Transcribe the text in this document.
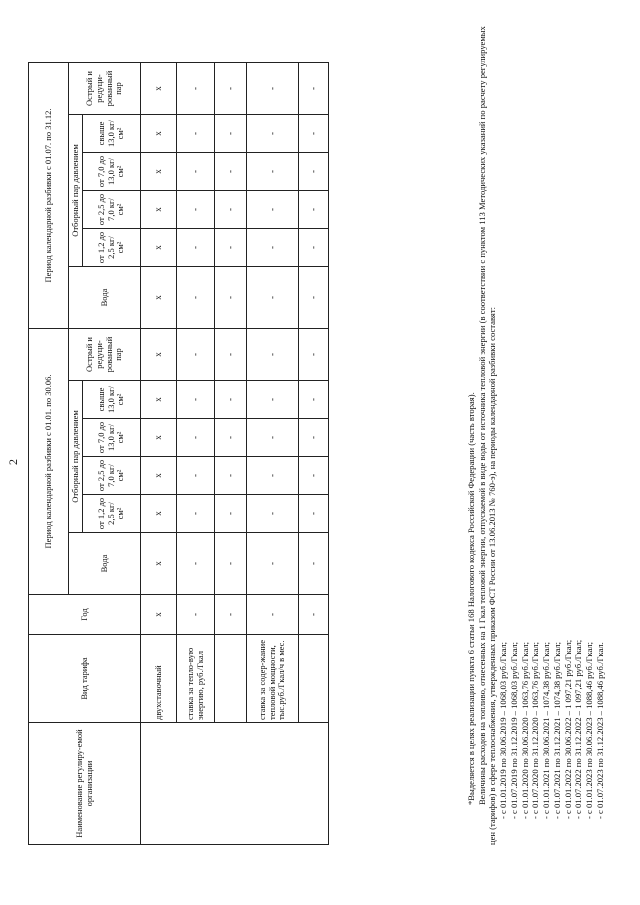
2
Наименование регулиру-емой организации	Вид тарифа	Год	Период календарной разбивки с 01.01. по 30.06.						Период календарной разбивки с 01.07. по 31.12.					
			Вода	Отборный пар давлением				Острый и редуци-рованный пар	Вода	Отборный пар давлением				Острый и редуци-рованный пар
				от 1,2 до 2,5 кг/см²	от 2,5 до 7,0 кг/см²	от 7,0 до 13,0 кг/см²	свыше 13,0 кг/см²			от 1,2 до 2,5 кг/см²	от 2,5 до 7,0 кг/см²	от 7,0 до 13,0 кг/см²	свыше 13,0 кг/см²	
	двухставочный	x	x	x	x	x	x	x	x	x	x	x	x	x
	ставка за тепло-вую энергию, руб./Гкал	-	-	-	-	-	-	-	-	-	-	-	-	-
		-	-	-	-	-	-	-	-	-	-	-	-	-
	ставка за содер-жание тепловой мощности, тыс.руб./Гкал/ч в мес.	-	-	-	-	-	-	-	-	-	-	-	-	-
		-	-	-	-	-	-	-	-	-	-	-	-	-
*Выделяется в целях реализации пункта 6 статьи 168 Налогового кодекса Российской Федерации (часть вторая). Величины расходов на топливо, отнесенных на 1 Гкал тепловой энергии, отпускаемой в виде воды от источника тепловой энергии (в соответствии с пунктом 113 Методических указаний по расчету регулируемых цен (тарифов) в сфере теплоснабжения, утвержденных приказом ФСТ России от 13.06.2013 № 760-э), на периоды календарной разбивки составят: - с 01.01.2019 по 30.06.2019 – 1068,03 руб./Гкал; - с 01.07.2019 по 31.12.2019 – 1068,03 руб./Гкал; - с 01.01.2020 по 30.06.2020 – 1063,76 руб./Гкал; - с 01.07.2020 по 31.12.2020 – 1063,76 руб./Гкал; - с 01.01.2021 по 30.06.2021 – 1074,38 руб./Гкал; - с 01.07.2021 по 31.12.2021 – 1074,38 руб./Гкал; - с 01.01.2022 по 30.06.2022 – 1 097,21 руб./Гкал; - с 01.07.2022 по 31.12.2022 – 1 097,21 руб./Гкал; - с 01.01.2023 по 30.06.2023 – 1088,46 руб./Гкал; - с 01.07.2023 по 31.12.2023 – 1088,46 руб./Гкал.
